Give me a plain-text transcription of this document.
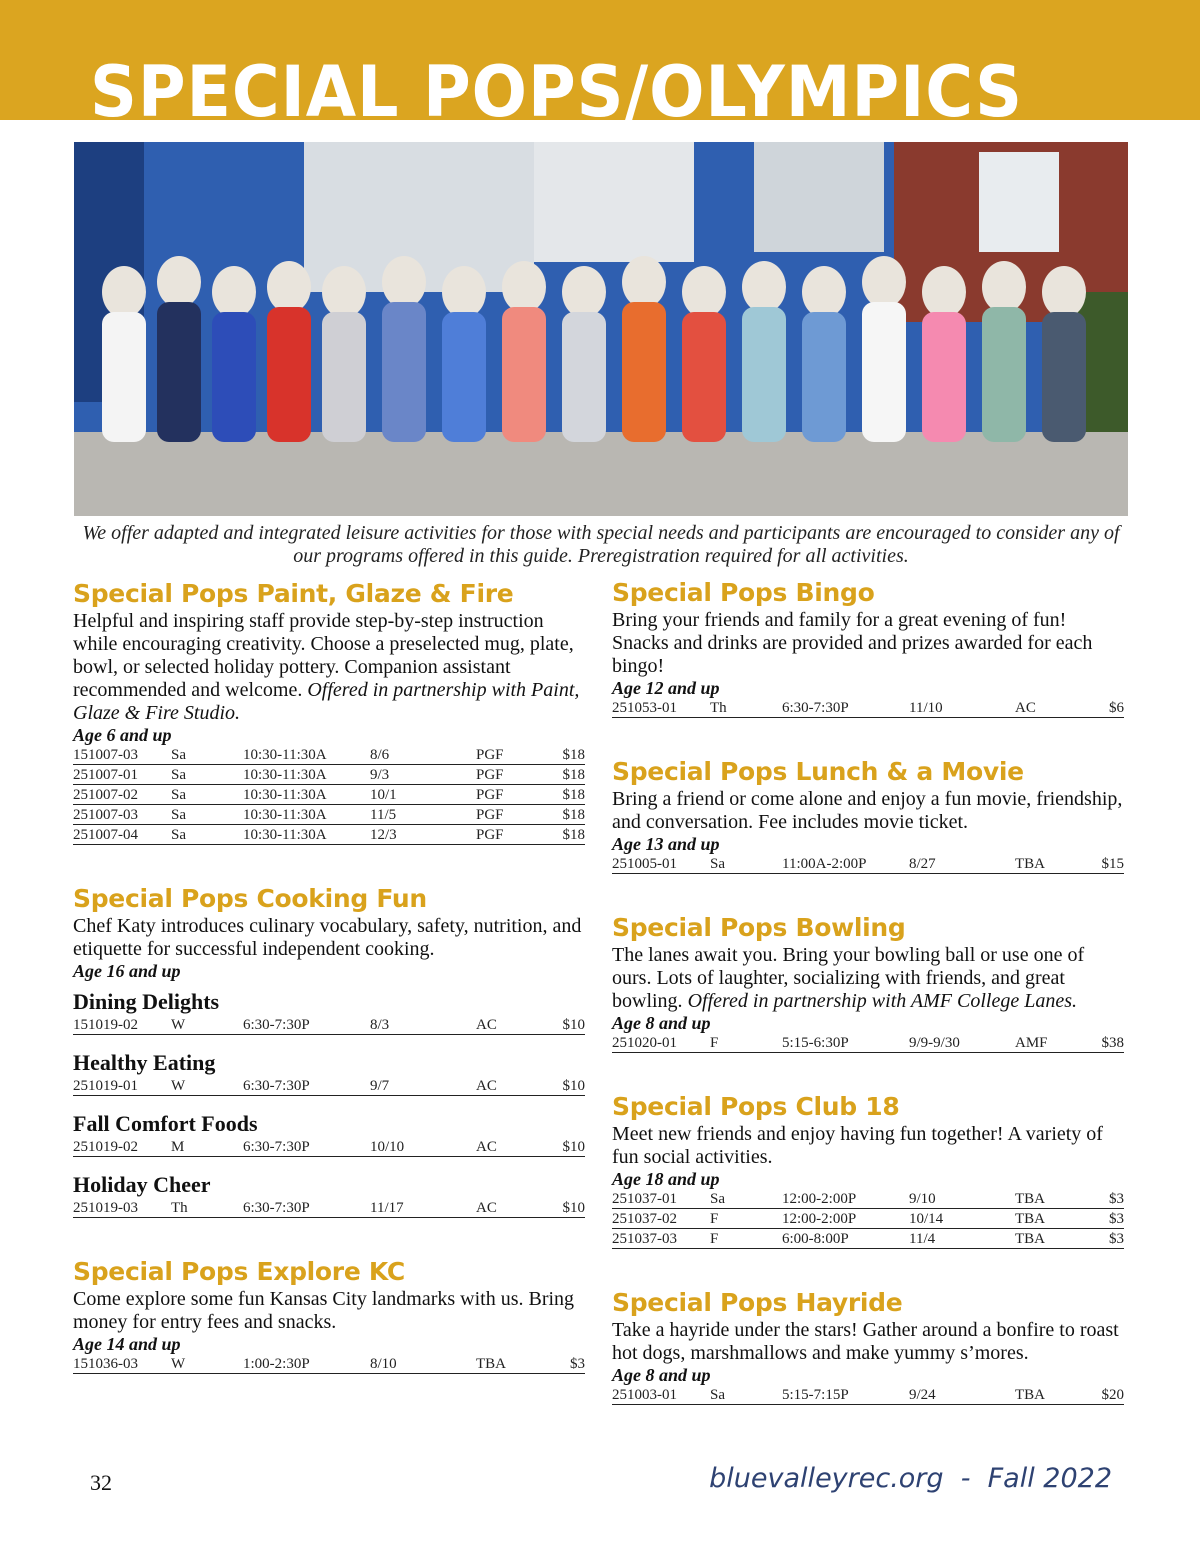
SPECIAL POPS/OLYMPICS
We offer adapted and integrated leisure activities for those with special needs and participants are encouraged to consider any of our programs offered in this guide. Preregistration required for all activities.

Special Pops Paint, Glaze & Fire

Helpful and inspiring staff provide step-by-step instruction while encouraging creativity. Choose a preselected mug, plate, bowl, or selected holiday pottery. Companion assistant recommended and welcome. Offered in partnership with Paint, Glaze & Fire Studio.

Age 6 and up

151007-03	Sa	10:30-11:30A	8/6	PGF	$18
251007-01	Sa	10:30-11:30A	9/3	PGF	$18
251007-02	Sa	10:30-11:30A	10/1	PGF	$18
251007-03	Sa	10:30-11:30A	11/5	PGF	$18
251007-04	Sa	10:30-11:30A	12/3	PGF	$18

Special Pops Cooking Fun

Chef Katy introduces culinary vocabulary, safety, nutrition, and etiquette for successful independent cooking.

Age 16 and up

Dining Delights

151019-02	W	6:30-7:30P	8/3	AC	$10

Healthy Eating

251019-01	W	6:30-7:30P	9/7	AC	$10

Fall Comfort Foods

251019-02	M	6:30-7:30P	10/10	AC	$10

Holiday Cheer

251019-03	Th	6:30-7:30P	11/17	AC	$10

Special Pops Explore KC

Come explore some fun Kansas City landmarks with us. Bring money for entry fees and snacks.

Age 14 and up

151036-03	W	1:00-2:30P	8/10	TBA	$3

Special Pops Bingo

Bring your friends and family for a great evening of fun! Snacks and drinks are provided and prizes awarded for each bingo!

Age 12 and up

251053-01	Th	6:30-7:30P	11/10	AC	$6

Special Pops Lunch & a Movie

Bring a friend or come alone and enjoy a fun movie, friendship, and conversation. Fee includes movie ticket.

Age 13 and up

251005-01	Sa	11:00A-2:00P	8/27	TBA	$15

Special Pops Bowling

The lanes await you. Bring your bowling ball or use one of ours. Lots of laughter, socializing with friends, and great bowling. Offered in partnership with AMF College Lanes.

Age 8 and up

251020-01	F	5:15-6:30P	9/9-9/30	AMF	$38

Special Pops Club 18

Meet new friends and enjoy having fun together! A variety of fun social activities.

Age 18 and up

251037-01	Sa	12:00-2:00P	9/10	TBA	$3
251037-02	F	12:00-2:00P	10/14	TBA	$3
251037-03	F	6:00-8:00P	11/4	TBA	$3

Special Pops Hayride

Take a hayride under the stars! Gather around a bonfire to roast hot dogs, marshmallows and make yummy s’mores.

Age 8 and up

251003-01	Sa	5:15-7:15P	9/24	TBA	$20
32	bluevalleyrec.org  -  Fall 2022
